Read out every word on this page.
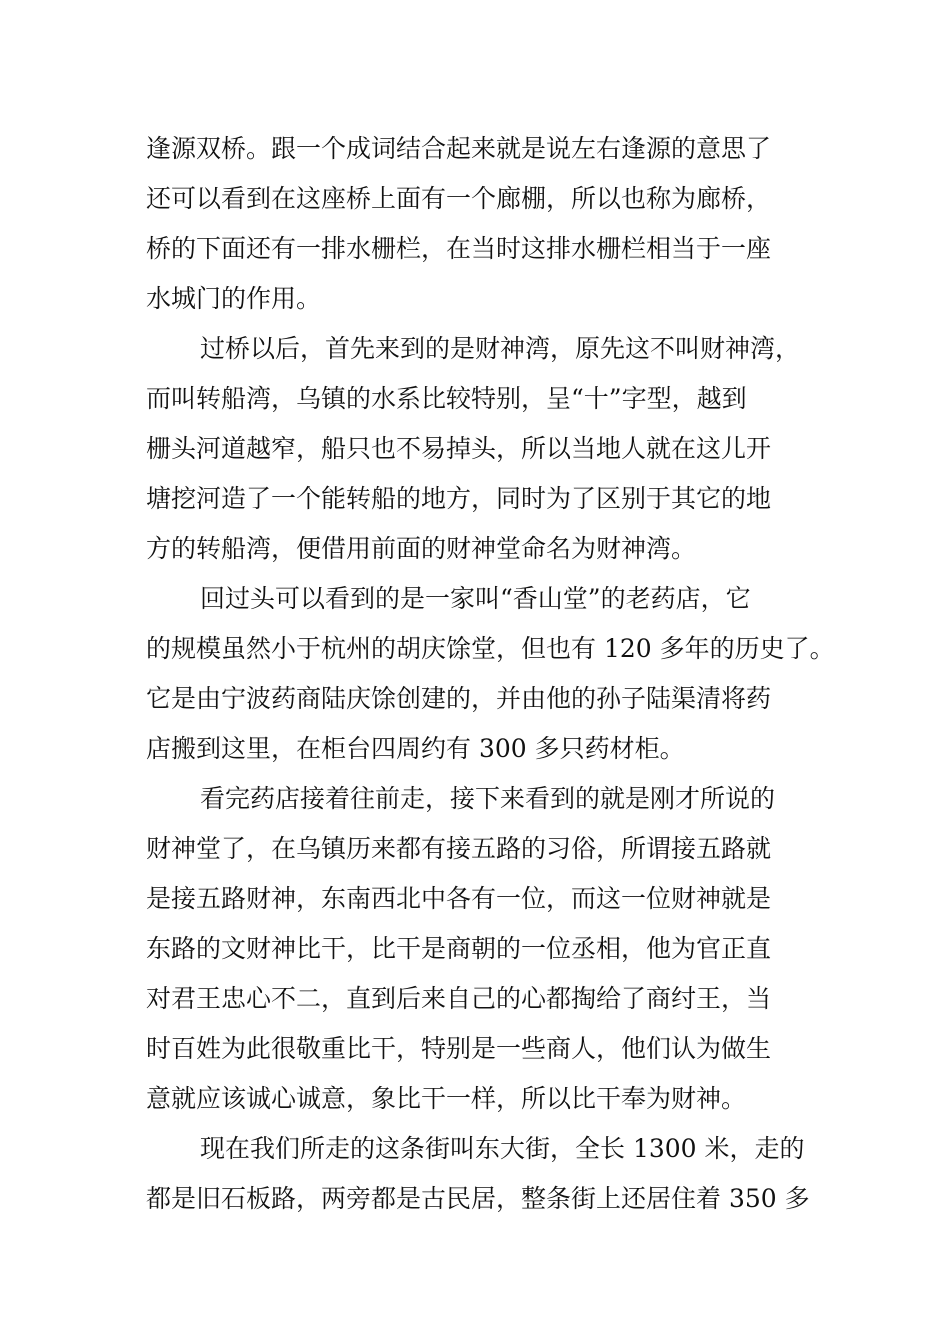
逢源双桥。跟一个成词结合起来就是说左右逢源的意思了
还可以看到在这座桥上面有一个廊棚，所以也称为廊桥，
桥的下面还有一排水栅栏，在当时这排水栅栏相当于一座
水城门的作用。
过桥以后，首先来到的是财神湾，原先这不叫财神湾，
而叫转船湾，乌镇的水系比较特别，呈“十”字型，越到
栅头河道越窄，船只也不易掉头，所以当地人就在这儿开
塘挖河造了一个能转船的地方，同时为了区别于其它的地
方的转船湾，便借用前面的财神堂命名为财神湾。
回过头可以看到的是一家叫“香山堂”的老药店，它
的规模虽然小于杭州的胡庆馀堂，但也有 120 多年的历史了。
它是由宁波药商陆庆馀创建的，并由他的孙子陆渠清将药
店搬到这里，在柜台四周约有 300 多只药材柜。
看完药店接着往前走，接下来看到的就是刚才所说的
财神堂了，在乌镇历来都有接五路的习俗，所谓接五路就
是接五路财神，东南西北中各有一位，而这一位财神就是
东路的文财神比干，比干是商朝的一位丞相，他为官正直
对君王忠心不二，直到后来自己的心都掏给了商纣王，当
时百姓为此很敬重比干，特别是一些商人，他们认为做生
意就应该诚心诚意，象比干一样，所以比干奉为财神。
现在我们所走的这条街叫东大街，全长 1300 米，走的
都是旧石板路，两旁都是古民居，整条街上还居住着 350 多
